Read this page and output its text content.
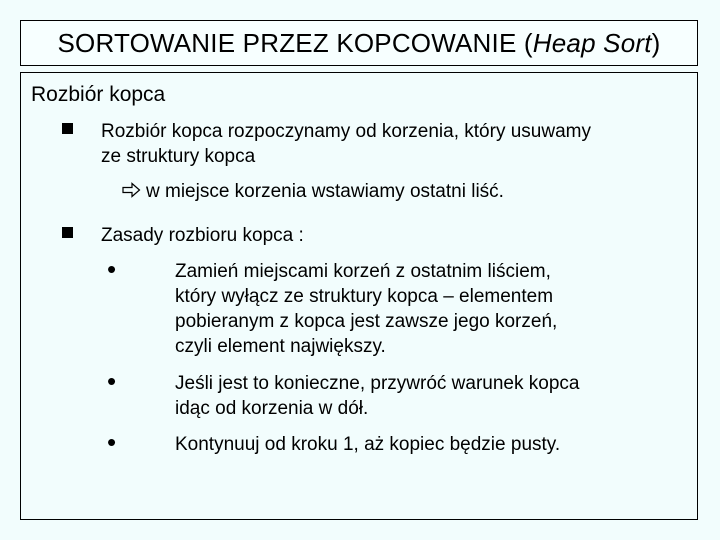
SORTOWANIE PRZEZ KOPCOWANIE ( Heap Sort )
Rozbiór kopca
Rozbiór kopca rozpoczynamy od korzenia, który usuwamy
ze struktury kopca
w miejsce korzenia wstawiamy ostatni liść.
Zasady rozbioru kopca :
•	Zamień miejscami korzeń z ostatnim liściem,
który wyłącz ze struktury kopca – elementem
pobieranym z kopca jest zawsze jego korzeń,
czyli element największy.
•	Jeśli jest to konieczne, przywróć warunek kopca
idąc od korzenia w dół.
•	Kontynuuj od kroku 1, aż kopiec będzie pusty.
